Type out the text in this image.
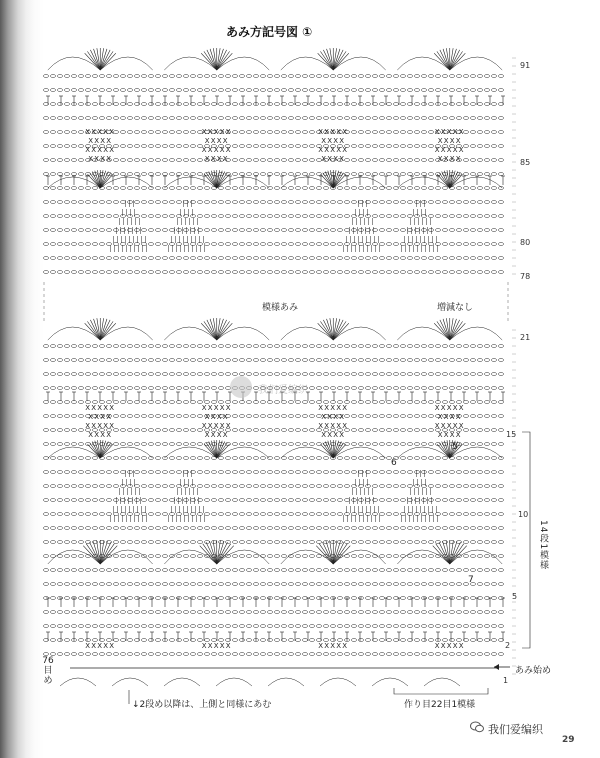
X X X X X
X X X X
X X X X X
X X X X
X X X X X
X X X X
X X X X X
X X X X
X X X X X
X X X X
X X X X X
X X X X
X X X X X
X X X X
X X X X X
X X X X
X X X X X
X X X X
X X X X X
X X X X
X X X X X
X X X X
X X X X X
X X X X
X X X X X
X X X X
X X X X X
X X X X
X X X X X
X X X X
X X X X X
X X X X
X X X X X	X X X X X	X X X X X	X X X X X
あみ方記号図 ①
模様あみ	増減なし
91
85
80
78
21
15
10
5
2
1
5
6
7
14段1模様
76
目
め
あみ始め
作り目22目1模様
↓2段め以降は、上側と同様にあむ
我们爱编织
我们爱编织
29
